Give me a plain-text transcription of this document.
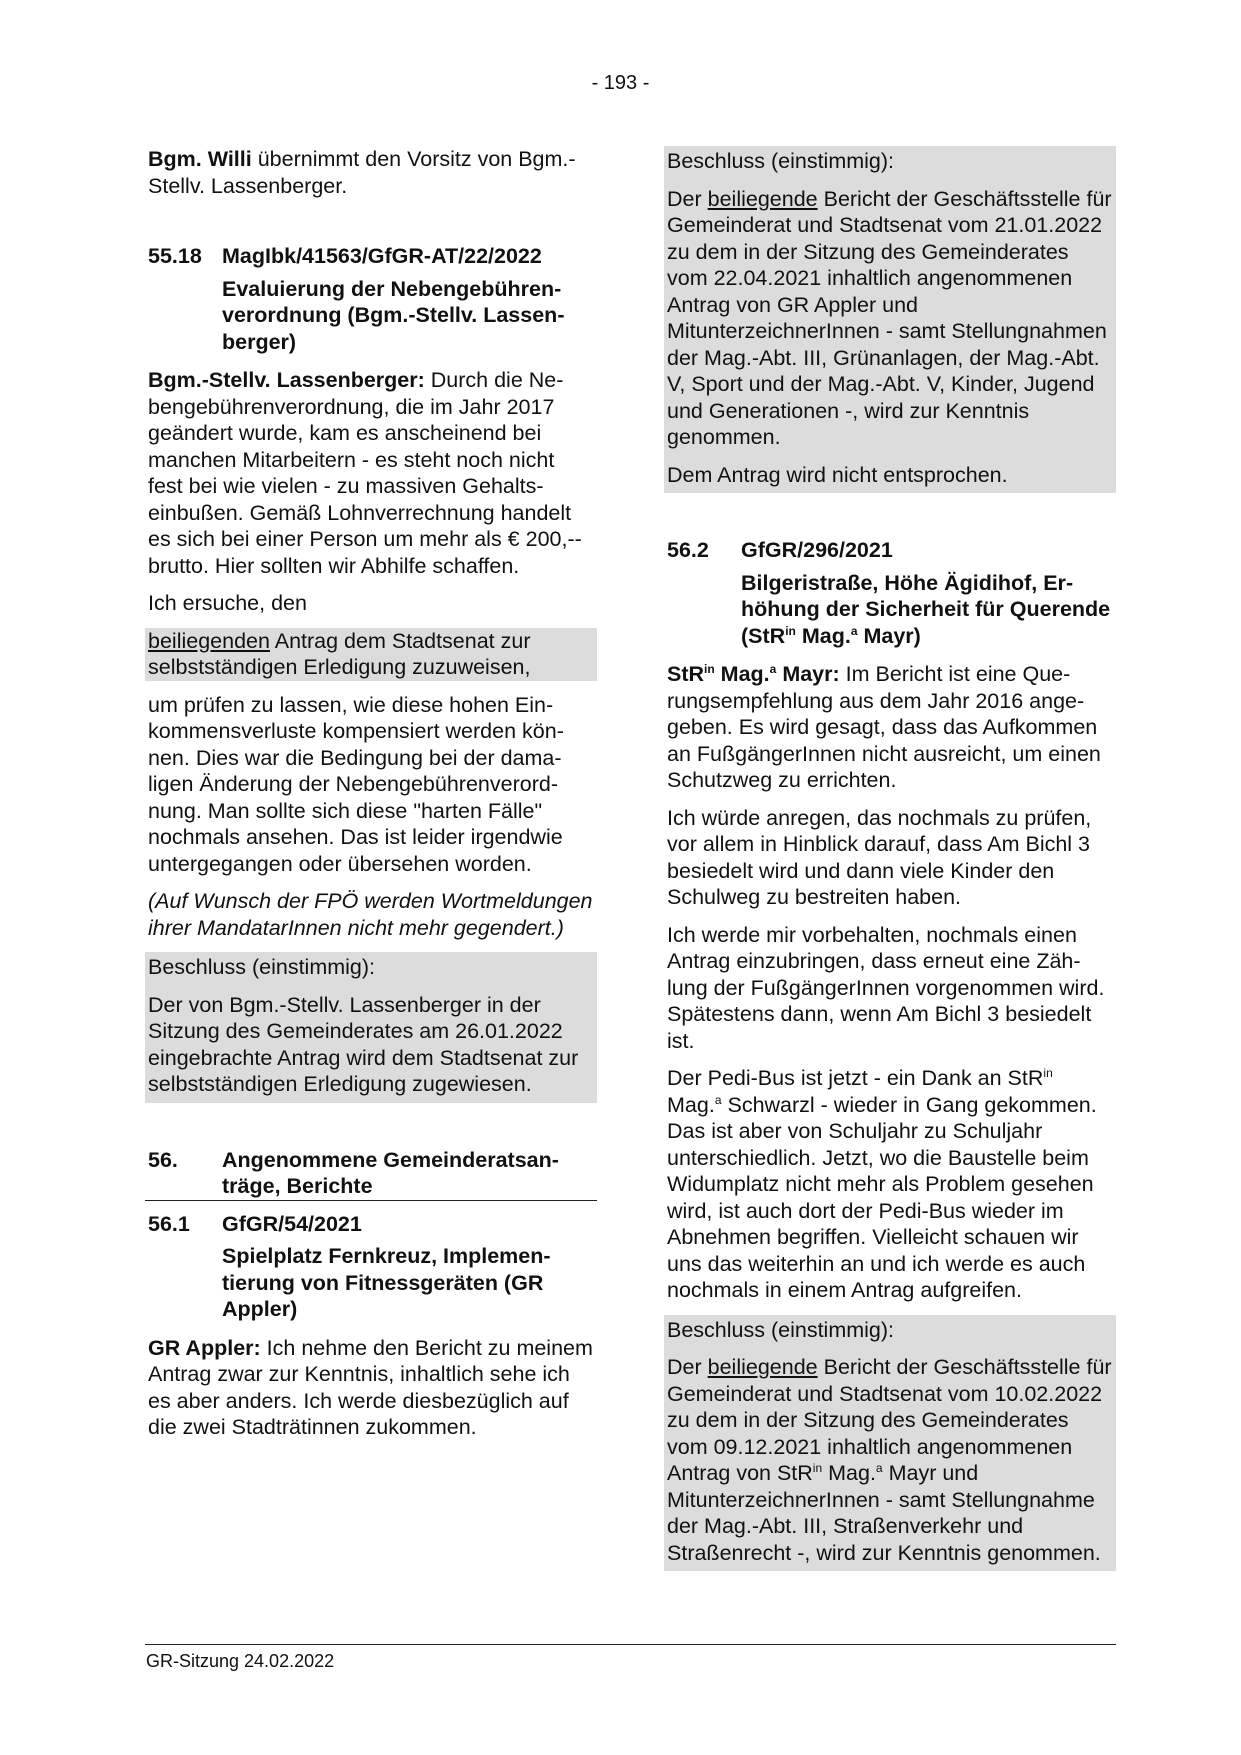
- 193 -

Bgm. Willi übernimmt den Vorsitz von Bgm.-Stellv. Lassenberger.

55.18 MagIbk/41563/GfGR-AT/22/2022
Evaluierung der Nebengebührenverordnung (Bgm.-Stellv. Lassenberger)

Bgm.-Stellv. Lassenberger: Durch die Nebengebührenverordnung, die im Jahr 2017 geändert wurde, kam es anscheinend bei manchen Mitarbeitern - es steht noch nicht fest bei wie vielen - zu massiven Gehaltseinbußen. Gemäß Lohnverrechnung handelt es sich bei einer Person um mehr als € 200,-- brutto. Hier sollten wir Abhilfe schaffen.

Ich ersuche, den

beiliegenden Antrag dem Stadtsenat zur selbstständigen Erledigung zuzuweisen,

um prüfen zu lassen, wie diese hohen Einkommensverluste kompensiert werden können. Dies war die Bedingung bei der damaligen Änderung der Nebengebührenverordnung. Man sollte sich diese "harten Fälle" nochmals ansehen. Das ist leider irgendwie untergegangen oder übersehen worden.

(Auf Wunsch der FPÖ werden Wortmeldungen ihrer MandatarInnen nicht mehr gegendert.)

Beschluss (einstimmig):

Der von Bgm.-Stellv. Lassenberger in der Sitzung des Gemeinderates am 26.01.2022 eingebrachte Antrag wird dem Stadtsenat zur selbstständigen Erledigung zugewiesen.

56.	Angenommene Gemeinderatsanträge, Berichte
56.1	GfGR/54/2021
Spielplatz Fernkreuz, Implementierung von Fitnessgeräten (GR Appler)

GR Appler: Ich nehme den Bericht zu meinem Antrag zwar zur Kenntnis, inhaltlich sehe ich es aber anders. Ich werde diesbezüglich auf die zwei Stadträtinnen zukommen.

Beschluss (einstimmig):

Der beiliegende Bericht der Geschäftsstelle für Gemeinderat und Stadtsenat vom 21.01.2022 zu dem in der Sitzung des Gemeinderates vom 22.04.2021 inhaltlich angenommenen Antrag von GR Appler und MitunterzeichnerInnen - samt Stellungnahmen der Mag.-Abt. III, Grünanlagen, der Mag.-Abt. V, Sport und der Mag.-Abt. V, Kinder, Jugend und Generationen -, wird zur Kenntnis genommen.

Dem Antrag wird nicht entsprochen.

56.2	GfGR/296/2021
Bilgeristraße, Höhe Ägidihof, Erhöhung der Sicherheit für Querende (StR$^{in}$ Mag.$^a$ Mayr)

StR$^{in}$ Mag.$^a$ Mayr: Im Bericht ist eine Querungsempfehlung aus dem Jahr 2016 angegeben. Es wird gesagt, dass das Aufkommen an FußgängerInnen nicht ausreicht, um einen Schutzweg zu errichten.

Ich würde anregen, das nochmals zu prüfen, vor allem in Hinblick darauf, dass Am Bichl 3 besiedelt wird und dann viele Kinder den Schulweg zu bestreiten haben.

Ich werde mir vorbehalten, nochmals einen Antrag einzubringen, dass erneut eine Zählung der FußgängerInnen vorgenommen wird. Spätestens dann, wenn Am Bichl 3 besiedelt ist.

Der Pedi-Bus ist jetzt - ein Dank an StR$^{in}$ Mag.$^a$ Schwarzl - wieder in Gang gekommen. Das ist aber von Schuljahr zu Schuljahr unterschiedlich. Jetzt, wo die Baustelle beim Widumplatz nicht mehr als Problem gesehen wird, ist auch dort der Pedi-Bus wieder im Abnehmen begriffen. Vielleicht schauen wir uns das weiterhin an und ich werde es auch nochmals in einem Antrag aufgreifen.

Beschluss (einstimmig):

Der beiliegende Bericht der Geschäftsstelle für Gemeinderat und Stadtsenat vom 10.02.2022 zu dem in der Sitzung des Gemeinderates vom 09.12.2021 inhaltlich angenommenen Antrag von StR$^{in}$ Mag.$^a$ Mayr und MitunterzeichnerInnen - samt Stellungnahme der Mag.-Abt. III, Straßenverkehr und Straßenrecht -, wird zur Kenntnis genommen.

GR-Sitzung 24.02.2022
